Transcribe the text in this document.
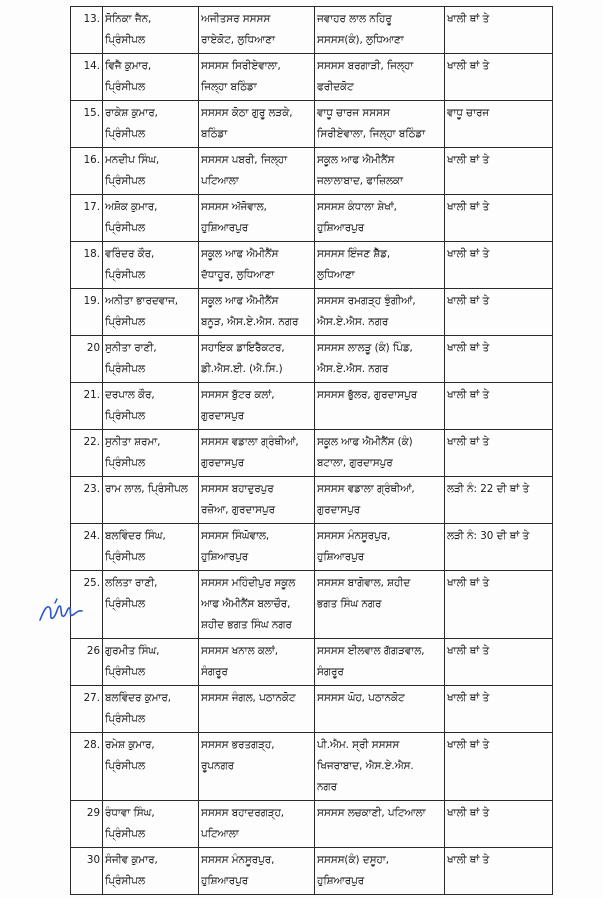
13.	ਸੋਨਿਕਾ ਜੈਨ,
ਪ੍ਰਿੰਸੀਪਲ	ਅਜੀਤਸਰ ਸਸਸਸ
ਰਾਏਕੋਟ, ਲੁਧਿਆਣਾ	ਜਵਾਹਰ ਲਾਲ ਨਹਿਰੂ
ਸਸਸਸ(ਕੰ), ਲੁਧਿਆਣਾ	ਖਾਲੀ ਥਾਂ ਤੇ

14.	ਵਿਜੈ ਕੁਮਾਰ,
ਪ੍ਰਿੰਸੀਪਲ	ਸਸਸਸ ਸਿਰੀਏਵਾਲਾ,
ਜਿਲ੍ਹਾ ਬਠਿੰਡਾ	ਸਸਸਸ ਬਰਗਾੜੀ, ਜਿਲ੍ਹਾ
ਫਰੀਦਕੋਟ	ਖਾਲੀ ਥਾਂ ਤੇ

15.	ਰਾਕੇਸ਼ ਕੁਮਾਰ,
ਪ੍ਰਿੰਸੀਪਲ	ਸਸਸਸ ਕੋਠਾ ਗੁਰੂ ਲੜਕੇ,
ਬਠਿੰਡਾ	ਵਾਧੂ ਚਾਰਜ ਸਸਸਸ
ਸਿਰੀਏਵਾਲਾ, ਜਿਲ੍ਹਾ ਬਠਿੰਡਾ	ਵਾਧੂ ਚਾਰਜ

16.	ਮਨਦੀਪ ਸਿੰਘ,
ਪ੍ਰਿੰਸੀਪਲ	ਸਸਸਸ ਪਬਰੀ, ਜਿਲ੍ਹਾ
ਪਟਿਆਲਾ	ਸਕੂਲ ਆਫ ਐਮੀਨੈਂਸ
ਜਲਾਲਾਬਾਦ, ਫਾਜ਼ਿਲਕਾ	ਖਾਲੀ ਥਾਂ ਤੇ

17.	ਅਸ਼ੋਕ ਕੁਮਾਰ,
ਪ੍ਰਿੰਸੀਪਲ	ਸਸਸਸ ਅੱਜੋਵਾਲ,
ਹੁਸ਼ਿਆਰਪੁਰ	ਸਸਸਸ ਕੰਧਾਲਾ ਸ਼ੇਖਾਂ,
ਹੁਸ਼ਿਆਰਪੁਰ	ਖਾਲੀ ਥਾਂ ਤੇ

18.	ਵਰਿੰਦਰ ਕੌਰ,
ਪ੍ਰਿੰਸੀਪਲ	ਸਕੂਲ ਆਫ ਐਮੀਨੈਂਸ
ਦੱਧਾਹੂਰ, ਲੁਧਿਆਣਾ	ਸਸਸਸ ਇੰਜਣ ਸ਼ੈੱਡ,
ਲੁਧਿਆਣਾ	ਖਾਲੀ ਥਾਂ ਤੇ

19.	ਅਨੀਤਾ ਭਾਰਦਵਾਜ,
ਪ੍ਰਿੰਸੀਪਲ	ਸਕੂਲ ਆਫ ਐਮੀਨੈਂਸ
ਬਨੂੜ, ਐਸ.ਏ.ਐਸ. ਨਗਰ	ਸਸਸਸ ਰਮਗੜ੍ਹ ਝੁੰਗੀਆਂ,
ਐਸ.ਏ.ਐਸ. ਨਗਰ	ਖਾਲੀ ਥਾਂ ਤੇ

20	ਸੁਨੀਤਾ ਰਾਣੀ,
ਪ੍ਰਿੰਸੀਪਲ	ਸਹਾਇਕ ਡਾਇਰੈਕਟਰ,
ਡੀ.ਐਸ.ਈ. (ਐ.ਸਿ.)	ਸਸਸਸ ਲਾਲੜੂ (ਕੰ) ਪਿੰਡ,
ਐਸ.ਏ.ਐਸ. ਨਗਰ	ਖਾਲੀ ਥਾਂ ਤੇ

21.	ਦਰਪਾਲ ਕੌਰ,
ਪ੍ਰਿੰਸੀਪਲ	ਸਸਸਸ ਬੁੱਟਰ ਕਲਾਂ,
ਗੁਰਦਾਸਪੁਰ	ਸਸਸਸ ਭੁੱਲਰ, ਗੁਰਦਾਸਪੁਰ	ਖਾਲੀ ਥਾਂ ਤੇ

22.	ਸੁਨੀਤਾ ਸ਼ਰਮਾ,
ਪ੍ਰਿੰਸੀਪਲ	ਸਸਸਸ ਵਡਾਲਾ ਗ੍ਰੰਥੀਆਂ,
ਗੁਰਦਾਸਪੁਰ	ਸਕੂਲ ਆਫ ਐਮੀਨੈਂਸ (ਕੰ)
ਬਟਾਲਾ, ਗੁਰਦਾਸਪੁਰ	ਖਾਲੀ ਥਾਂ ਤੇ

23.	ਰਾਮ ਲਾਲ, ਪ੍ਰਿੰਸੀਪਲ	ਸਸਸਸ ਬਹਾਦੁਰਪੁਰ
ਰਜ਼ੋਆ, ਗੁਰਦਾਸਪੁਰ	ਸਸਸਸ ਵਡਾਲਾ ਗ੍ਰੰਥੀਆਂ,
ਗੁਰਦਾਸਪੁਰ	ਲੜੀ ਨੰ: 22 ਦੀ ਥਾਂ ਤੇ

24.	ਬਲਵਿੰਦਰ ਸਿੰਘ,
ਪ੍ਰਿੰਸੀਪਲ	ਸਸਸਸ ਸਿੰਘੋਵਾਲ,
ਹੁਸ਼ਿਆਰਪੁਰ	ਸਸਸਸ ਮੰਨਸੂਰਪੁਰ,
ਹੁਸ਼ਿਆਰਪੁਰ	ਲੜੀ ਨੰ: 30 ਦੀ ਥਾਂ ਤੇ

25.	ਲਲਿਤਾ ਰਾਣੀ,
ਪ੍ਰਿੰਸੀਪਲ	ਸਸਸਸ ਮਹਿੰਦੀਪੁਰ ਸਕੂਲ
ਆਫ ਐਮੀਨੈਂਸ ਬਲਾਚੌਰ,
ਸ਼ਹੀਦ ਭਗਤ ਸਿੰਘ ਨਗਰ	ਸਸਸਸ ਬਾਗੋਵਾਲ, ਸ਼ਹੀਦ
ਭਗਤ ਸਿੰਘ ਨਗਰ	ਖਾਲੀ ਥਾਂ ਤੇ

26	ਗੁਰਮੀਤ ਸਿੰਘ,
ਪ੍ਰਿੰਸੀਪਲ	ਸਸਸਸ ਖਨਾਲ ਕਲਾਂ,
ਸੰਗਰੂਰ	ਸਸਸਸ ਈਲਵਾਲ ਗੱਗੜਵਾਲ,
ਸੰਗਰੂਰ	ਖਾਲੀ ਥਾਂ ਤੇ

27.	ਬਲਵਿੰਦਰ ਕੁਮਾਰ,
ਪ੍ਰਿੰਸੀਪਲ	ਸਸਸਸ ਜੰਗਲ, ਪਠਾਨਕੋਟ	ਸਸਸਸ ਘੋਹ, ਪਠਾਨਕੋਟ	ਖਾਲੀ ਥਾਂ ਤੇ

28.	ਰਮੇਸ਼ ਕੁਮਾਰ,
ਪ੍ਰਿੰਸੀਪਲ	ਸਸਸਸ ਭਰਤਗੜ੍ਹ,
ਰੂਪਨਗਰ	ਪੀ.ਐਮ. ਸ੍ਰੀ ਸਸਸਸ
ਖਿਜਰਾਬਾਦ, ਐਸ.ਏ.ਐਸ.
ਨਗਰ	ਖਾਲੀ ਥਾਂ ਤੇ

29	ਰੰਧਾਵਾ ਸਿੰਘ,
ਪ੍ਰਿੰਸੀਪਲ	ਸਸਸਸ ਬਹਾਦਰਗੜ੍ਹ,
ਪਟਿਆਲਾ	ਸਸਸਸ ਲਚਕਾਣੀ, ਪਟਿਆਲਾ	ਖਾਲੀ ਥਾਂ ਤੇ

30	ਸੰਜੀਵ ਕੁਮਾਰ,
ਪ੍ਰਿੰਸੀਪਲ	ਸਸਸਸ ਮੰਨਸੂਰਪੁਰ,
ਹੁਸ਼ਿਆਰਪੁਰ	ਸਸਸਸ(ਕੰ) ਦਸੂਹਾ,
ਹੁਸ਼ਿਆਰਪੁਰ	ਖਾਲੀ ਥਾਂ ਤੇ
